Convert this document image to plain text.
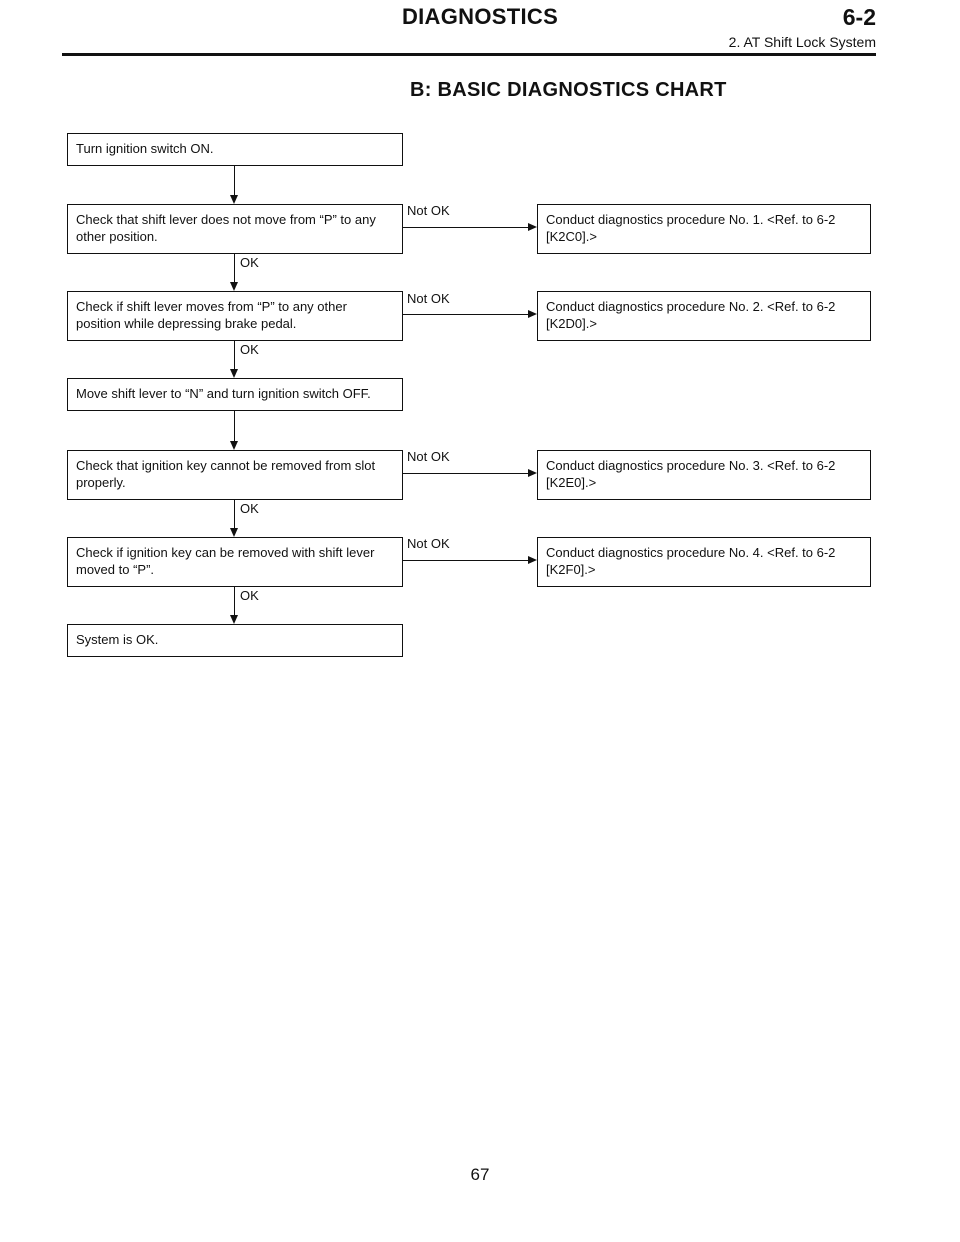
DIAGNOSTICS	6-2
2. AT Shift Lock System
B: BASIC DIAGNOSTICS CHART
Turn ignition switch ON.
Check that shift lever does not move from “P” to any other position.
Not OK
Conduct diagnostics procedure No. 1. <Ref. to 6-2 [K2C0].>
OK
Check if shift lever moves from “P” to any other position while depressing brake pedal.
Not OK
Conduct diagnostics procedure No. 2. <Ref. to 6-2 [K2D0].>
OK
Move shift lever to “N” and turn ignition switch OFF.
Check that ignition key cannot be removed from slot properly.
Not OK
Conduct diagnostics procedure No. 3. <Ref. to 6-2 [K2E0].>
OK
Check if ignition key can be removed with shift lever moved to “P”.
Not OK
Conduct diagnostics procedure No. 4. <Ref. to 6-2 [K2F0].>
OK
System is OK.
67
